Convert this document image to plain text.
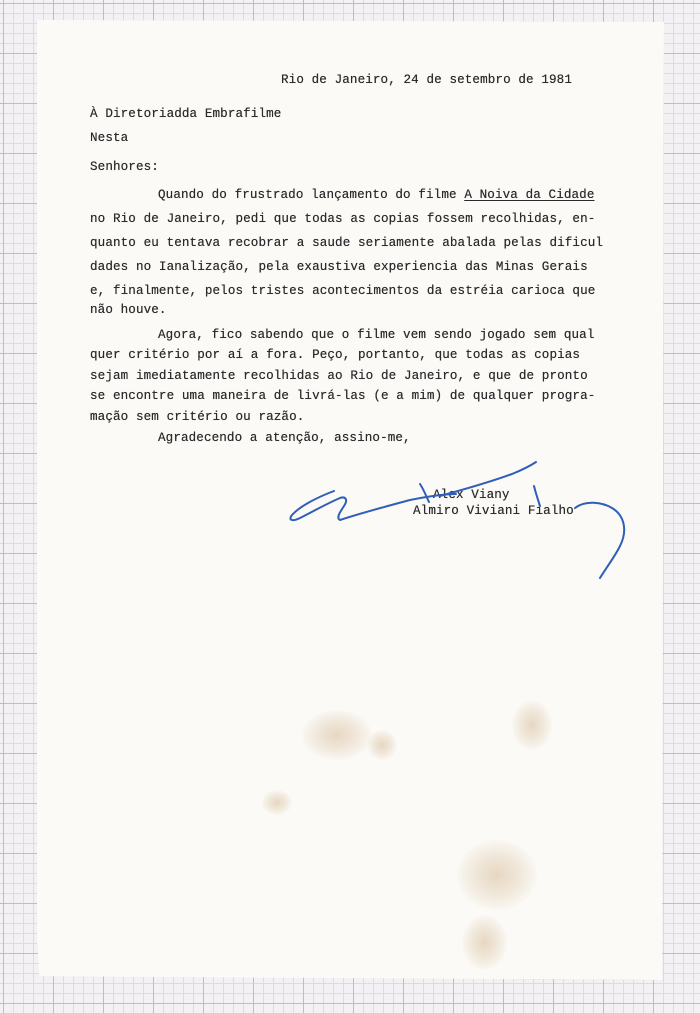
Rio de Janeiro, 24 de setembro de 1981
À Diretoriadda Embrafilme
Nesta
Senhores:
Quando do frustrado lançamento do filme A Noiva da Cidade
no Rio de Janeiro, pedi que todas as copias fossem recolhidas, en-
quanto eu tentava recobrar a saude seriamente abalada pelas dificul
dades no Ianalização, pela exaustiva experiencia das Minas Gerais
e, finalmente, pelos tristes acontecimentos da estréia carioca que
não houve.
Agora, fico sabendo que o filme vem sendo jogado sem qual
quer critério por aí a fora. Peço, portanto, que todas as copias
sejam imediatamente recolhidas ao Rio de Janeiro, e que de pronto
se encontre uma maneira de livrá-las (e a mim) de qualquer progra-
mação sem critério ou razão.
Agradecendo a atenção, assino-me,
Alex Viany
Almiro Viviani Fialho
